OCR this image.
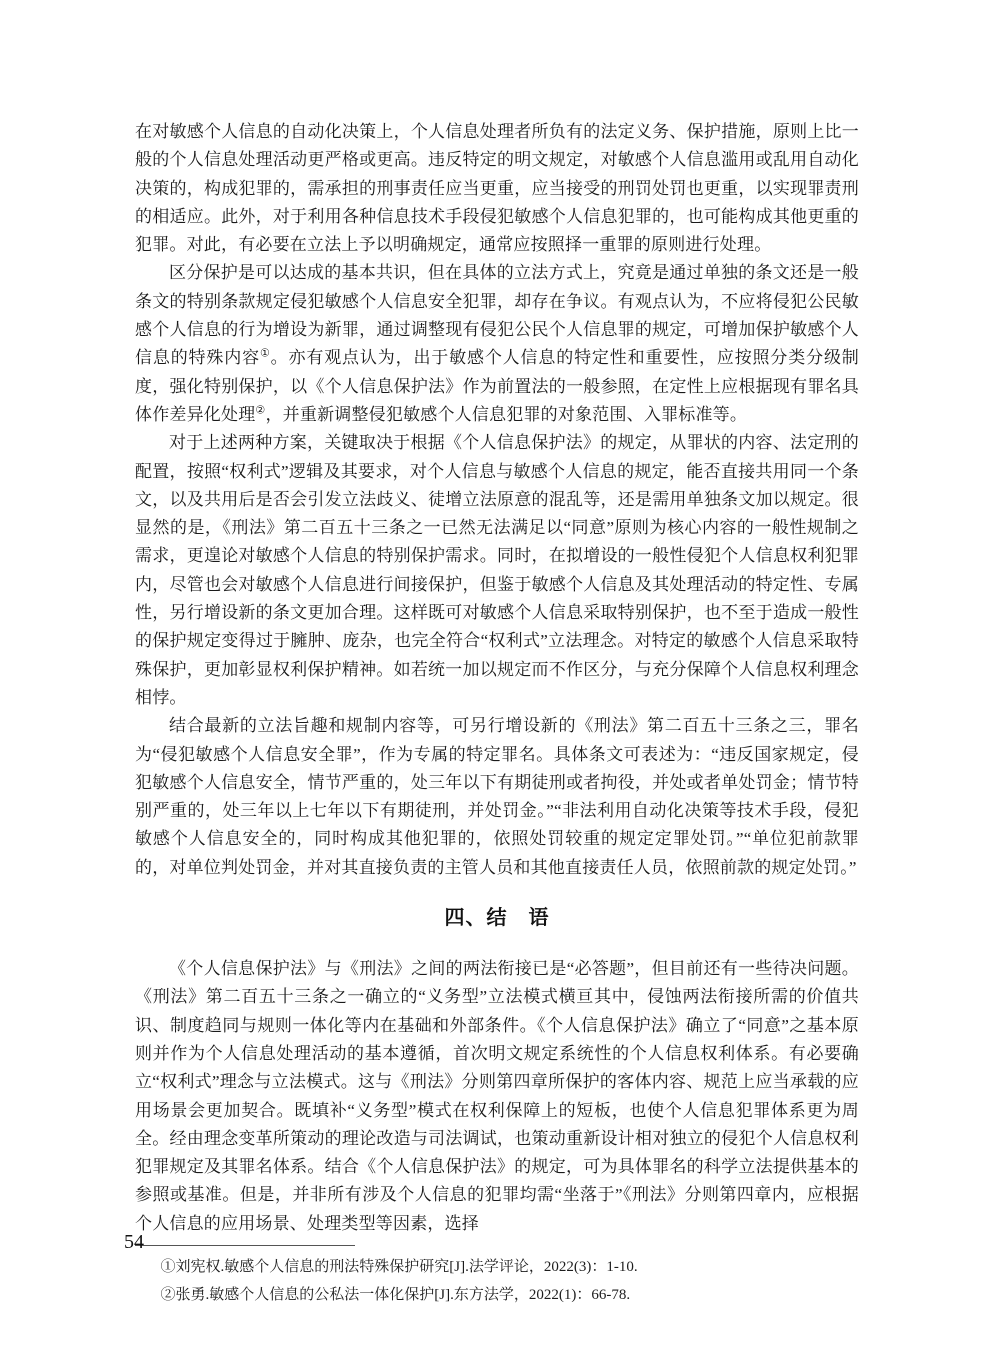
在对敏感个人信息的自动化决策上，个人信息处理者所负有的法定义务、保护措施，原则上比一般的个人信息处理活动更严格或更高。违反特定的明文规定，对敏感个人信息滥用或乱用自动化决策的，构成犯罪的，需承担的刑事责任应当更重，应当接受的刑罚处罚也更重，以实现罪责刑的相适应。此外，对于利用各种信息技术手段侵犯敏感个人信息犯罪的，也可能构成其他更重的犯罪。对此，有必要在立法上予以明确规定，通常应按照择一重罪的原则进行处理。

区分保护是可以达成的基本共识，但在具体的立法方式上，究竟是通过单独的条文还是一般条文的特别条款规定侵犯敏感个人信息安全犯罪，却存在争议。有观点认为，不应将侵犯公民敏感个人信息的行为增设为新罪，通过调整现有侵犯公民个人信息罪的规定，可增加保护敏感个人信息的特殊内容①。亦有观点认为，出于敏感个人信息的特定性和重要性，应按照分类分级制度，强化特别保护，以《个人信息保护法》作为前置法的一般参照，在定性上应根据现有罪名具体作差异化处理②，并重新调整侵犯敏感个人信息犯罪的对象范围、入罪标准等。

对于上述两种方案，关键取决于根据《个人信息保护法》的规定，从罪状的内容、法定刑的配置，按照“权利式”逻辑及其要求，对个人信息与敏感个人信息的规定，能否直接共用同一个条文，以及共用后是否会引发立法歧义、徒增立法原意的混乱等，还是需用单独条文加以规定。很显然的是，《刑法》第二百五十三条之一已然无法满足以“同意”原则为核心内容的一般性规制之需求，更遑论对敏感个人信息的特别保护需求。同时，在拟增设的一般性侵犯个人信息权利犯罪内，尽管也会对敏感个人信息进行间接保护，但鉴于敏感个人信息及其处理活动的特定性、专属性，另行增设新的条文更加合理。这样既可对敏感个人信息采取特别保护，也不至于造成一般性的保护规定变得过于臃肿、庞杂，也完全符合“权利式”立法理念。对特定的敏感个人信息采取特殊保护，更加彰显权利保护精神。如若统一加以规定而不作区分，与充分保障个人信息权利理念相悖。

结合最新的立法旨趣和规制内容等，可另行增设新的《刑法》第二百五十三条之三，罪名为“侵犯敏感个人信息安全罪”，作为专属的特定罪名。具体条文可表述为：“违反国家规定，侵犯敏感个人信息安全，情节严重的，处三年以下有期徒刑或者拘役，并处或者单处罚金；情节特别严重的，处三年以上七年以下有期徒刑，并处罚金。”“非法利用自动化决策等技术手段，侵犯敏感个人信息安全的，同时构成其他犯罪的，依照处罚较重的规定定罪处罚。”“单位犯前款罪的，对单位判处罚金，并对其直接负责的主管人员和其他直接责任人员，依照前款的规定处罚。”

四、结　语

《个人信息保护法》与《刑法》之间的两法衔接已是“必答题”，但目前还有一些待决问题。《刑法》第二百五十三条之一确立的“义务型”立法模式横亘其中，侵蚀两法衔接所需的价值共识、制度趋同与规则一体化等内在基础和外部条件。《个人信息保护法》确立了“同意”之基本原则并作为个人信息处理活动的基本遵循，首次明文规定系统性的个人信息权利体系。有必要确立“权利式”理念与立法模式。这与《刑法》分则第四章所保护的客体内容、规范上应当承载的应用场景会更加契合。既填补“义务型”模式在权利保障上的短板，也使个人信息犯罪体系更为周全。经由理念变革所策动的理论改造与司法调试，也策动重新设计相对独立的侵犯个人信息权利犯罪规定及其罪名体系。结合《个人信息保护法》的规定，可为具体罪名的科学立法提供基本的参照或基准。但是，并非所有涉及个人信息的犯罪均需“坐落于”《刑法》分则第四章内，应根据个人信息的应用场景、处理类型等因素，选择

①刘宪权.敏感个人信息的刑法特殊保护研究[J].法学评论，2022(3)：1-10.

②张勇.敏感个人信息的公私法一体化保护[J].东方法学，2022(1)：66-78.

54
